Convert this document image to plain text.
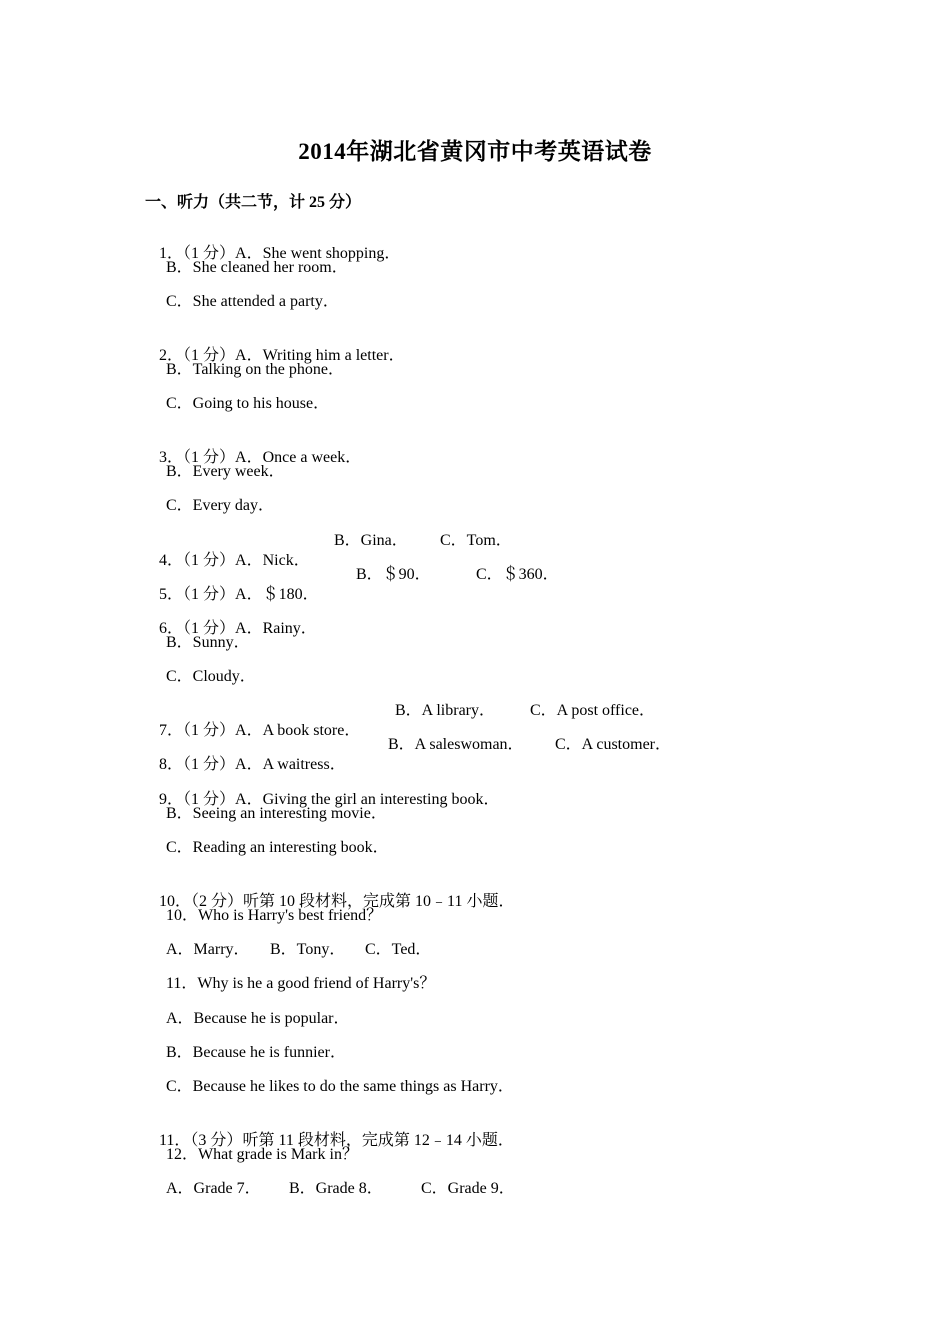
2014年湖北省黄冈市中考英语试卷
一、听力（共二节，计 25 分）

1．（1 分）A．She went shopping．

B．She cleaned her room．
C．She attended a party．

2．（1 分）A．Writing him a letter．

B．Talking on the phone．
C．Going to his house．

3．（1 分）A．Once a week．

B．Every week．
C．Every day．

4．（1 分）A．Nick．

B．Gina． C．Tom．

5．（1 分）A．＄180．

B．＄90．	C．＄360．

6．（1 分）A．Rainy．

B．Sunny．
C．Cloudy．

7．（1 分）A．A book store．

B．A library． C．A post office．

8．（1 分）A．A waitress．

B．A saleswoman． C．A customer．

9．（1 分）A．Giving the girl an interesting book．

B．Seeing an interesting movie．
C．Reading an interesting book．

10．（2 分）听第 10 段材料，完成第 10﹣11 小题．

10．Who is Harry's best friend？
A．Marry． B．Tony． C．Ted．
11．Why is he a good friend of Harry's？
A．Because he is popular．
B．Because he is funnier．
C．Because he likes to do the same things as Harry．

11．（3 分）听第 11 段材料，完成第 12﹣14 小题．

12．What grade is Mark in？
A．Grade 7． B．Grade 8． C．Grade 9．
